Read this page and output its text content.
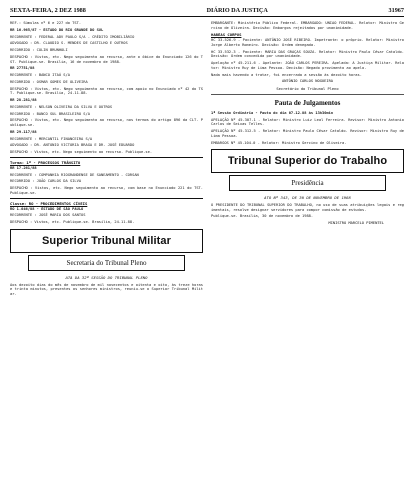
SEXTA-FEIRA, 2 DEZ 1988	DIÁRIO DA JUSTIÇA	31967

REF.: Súmulas nº 6 e 227 do TST.

RR 16.965/87 - ESTADO DO RIO GRANDE DO SUL

RECORRENTE : FEDERAL ADV PAULO S/A - CRÉDITO IMOBILIÁRIO

ADVOGADO : DR. CLAUDIO S. MENDES DE CASTILHO E OUTROS

RECORRIDO : COLIN BRUNHOLI

DESPACHO : Vistos, etc. Nego seguimento ao recurso, ante o óbice do Enunciado 126 do TST. Publique-se. Brasília, 16 de novembro de 1988.

RR 27751/88

RECORRENTE : BANCO ITAÚ S/A

RECORRIDO : OSMAR GOMES DE OLIVEIRA

DESPACHO : Vistos, etc. Nego seguimento ao recurso, com apoio no Enunciado nº 42 do TST. Publique-se. Brasília, 24.11.88.

RR 28.281/88

RECORRENTE : NELSON OLIVEIRA DA SILVA E OUTROS

RECORRIDO : BANCO SUL BRASILEIRO S/A

DESPACHO : Vistos, etc. Nego seguimento ao recurso, nos termos do artigo 896 da CLT. Publique-se.

RR 29.117/88

RECORRENTE : MERCANTIL FINANCEIRA S/A

ADVOGADO : DR. ANTONIO VICTORIA BRAGA E DR. JOSÉ EDUARDO

DESPACHO : Vistos, etc. Nego seguimento ao recurso. Publique-se.

Turma: 1ª - PROCESSOS TRÂNSITO

RR 17.261/88

RECORRENTE : COMPANHIA RIOGRANDENSE DE SANEAMENTO - CORSAN

RECORRIDO : JOÃO CARLOS DA SILVA

DESPACHO : Vistos, etc. Nego seguimento ao recurso, com base no Enunciado 221 do TST. Publique-se.

Classe: RO - PROCEDIMENTOS CÍVEIS

RO 1.046/88 - ESTADO DE SÃO PAULO

RECORRENTE : JOSÉ MARIA DOS SANTOS

DESPACHO : Vistos, etc. Publique-se. Brasília, 24.11.88.

Superior Tribunal Militar
Secretaria do Tribunal Pleno
ATA DA 32ª SESSÃO DO TRIBUNAL PLENO

Aos dezoito dias do mês de novembro de mil novecentos e oitenta e oito, às treze horas e trinta minutos, presentes os senhores ministros, reuniu-se o Superior Tribunal Militar.

EMBARGANTE: Ministério Público Federal. EMBARGADO: UNIÃO FEDERAL. Relator: Ministro Gercino de Oliveira. Decisão: Embargos rejeitados por unanimidade.

HABEAS CORPUS

HC 33.526-9 - Paciente: ANTÔNIO JOSÉ RIBEIRO. Impetrante: o próprio. Relator: Ministro Jorge Alberto Romeiro. Decisão: Ordem denegada.

HC 33.532-3 - Paciente: MARIA DAS GRAÇAS SOUZA. Relator: Ministro Paulo César Cataldo. Decisão: Ordem concedida por unanimidade.

Apelação nº 45.211-6 - Apelante: JOÃO CARLOS PEREIRA. Apelada: A Justiça Militar. Relator: Ministro Ruy de Lima Pessoa. Decisão: Negado provimento ao apelo.

Nada mais havendo a tratar, foi encerrada a sessão às dezoito horas.

ANTÔNIO CARLOS NOGUEIRA
Secretário do Tribunal Pleno
Pauta de Julgamentos

1ª Sessão Ordinária - Pauta do dia 07.12.88 às 13h30min

APELAÇÃO Nº 45.307-1 - Relator: Ministro Luiz Leal Ferreira. Revisor: Ministro Antonio Carlos de Seixas Telles.

APELAÇÃO Nº 45.312-5 - Relator: Ministro Paulo César Cataldo. Revisor: Ministro Ruy de Lima Pessoa.

EMBARGOS Nº 45.104-0 - Relator: Ministro Gercino de Oliveira.

Tribunal Superior do Trabalho
Presidência
ATO Nº 343, DE 30 DE NOVEMBRO DE 1988

O PRESIDENTE DO TRIBUNAL SUPERIOR DO TRABALHO, no uso de suas atribuições legais e regimentais, resolve designar servidores para compor comissão de estudos.

Publique-se. Brasília, 30 de novembro de 1988.

MINISTRO MARCELO PIMENTEL
